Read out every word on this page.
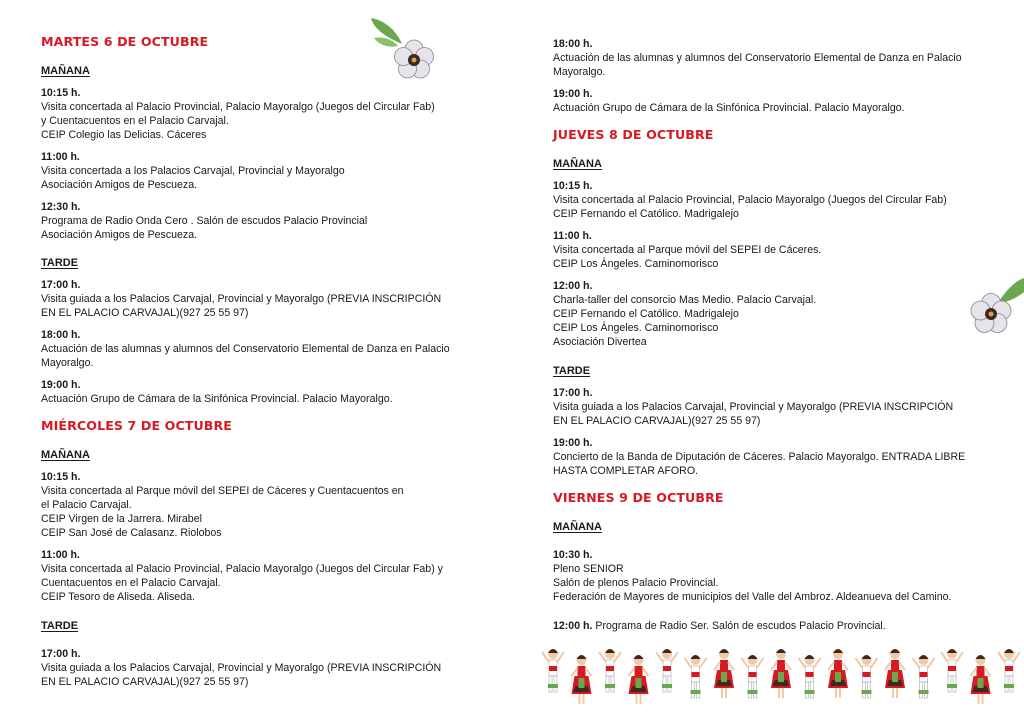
MARTES 6 DE OCTUBRE
MAÑANA
10:15 h.
Visita concertada al Palacio Provincial, Palacio Mayoralgo (Juegos del Circular Fab)
y Cuentacuentos en el Palacio Carvajal.
CEIP Colegio las Delicias. Cáceres
11:00 h.
Visita concertada a los Palacios Carvajal, Provincial y Mayoralgo
Asociación Amigos de Pescueza.
12:30 h.
Programa de Radio Onda Cero . Salón de escudos Palacio Provincial
Asociación Amigos de Pescueza.
TARDE
17:00 h.
Visita guiada a los Palacios Carvajal, Provincial y Mayoralgo (PREVIA INSCRIPCIÓN
EN EL PALACIO CARVAJAL)(927 25 55 97)
18:00 h.
Actuación de las alumnas y alumnos del Conservatorio Elemental de Danza en Palacio
Mayoralgo.
19:00 h.
Actuación Grupo de Cámara de la Sinfónica Provincial. Palacio Mayoralgo.
MIÉRCOLES 7 DE OCTUBRE
MAÑANA
10:15 h.
Visita concertada al Parque móvil del SEPEI de Cáceres y Cuentacuentos en
el Palacio Carvajal.
CEIP Virgen de la Jarrera. Mirabel
CEIP San José de Calasanz. Riolobos
11:00 h.
Visita concertada al Palacio Provincial, Palacio Mayoralgo (Juegos del Circular Fab) y
Cuentacuentos en el Palacio Carvajal.
CEIP Tesoro de Aliseda. Aliseda.
TARDE
17:00 h.
Visita guiada a los Palacios Carvajal, Provincial y Mayoralgo (PREVIA INSCRIPCIÓN
EN EL PALACIO CARVAJAL)(927 25 55 97)
18:00 h.
Actuación de las alumnas y alumnos del Conservatorio Elemental de Danza en Palacio
Mayoralgo.
19:00 h.
Actuación Grupo de Cámara de la Sinfónica Provincial. Palacio Mayoralgo.
JUEVES 8 DE OCTUBRE
MAÑANA
10:15 h.
Visita concertada al Palacio Provincial, Palacio Mayoralgo (Juegos del Circular Fab)
CEIP Fernando el Católico. Madrigalejo
11:00 h.
Visita concertada al Parque móvil del SEPEI de Cáceres.
CEIP Los Ángeles. Caminomorisco
12:00 h.
Charla-taller del consorcio Mas Medio. Palacio Carvajal.
CEIP Fernando el Católico. Madrigalejo
CEIP Los Ángeles. Caminomorisco
Asociación Divertea
TARDE
17:00 h.
Visita guiada a los Palacios Carvajal, Provincial y Mayoralgo (PREVIA INSCRIPCIÓN
EN EL PALACIO CARVAJAL)(927 25 55 97)
19:00 h.
Concierto de la Banda de Diputación de Cáceres. Palacio Mayoralgo. ENTRADA LIBRE
HASTA COMPLETAR AFORO.
VIERNES 9 DE OCTUBRE
MAÑANA
10:30 h.
Pleno SENIOR
Salón de plenos Palacio Provincial.
Federación de Mayores de municipios del Valle del Ambroz. Aldeanueva del Camino.
12:00 h. Programa de Radio Ser. Salón de escudos Palacio Provincial.
